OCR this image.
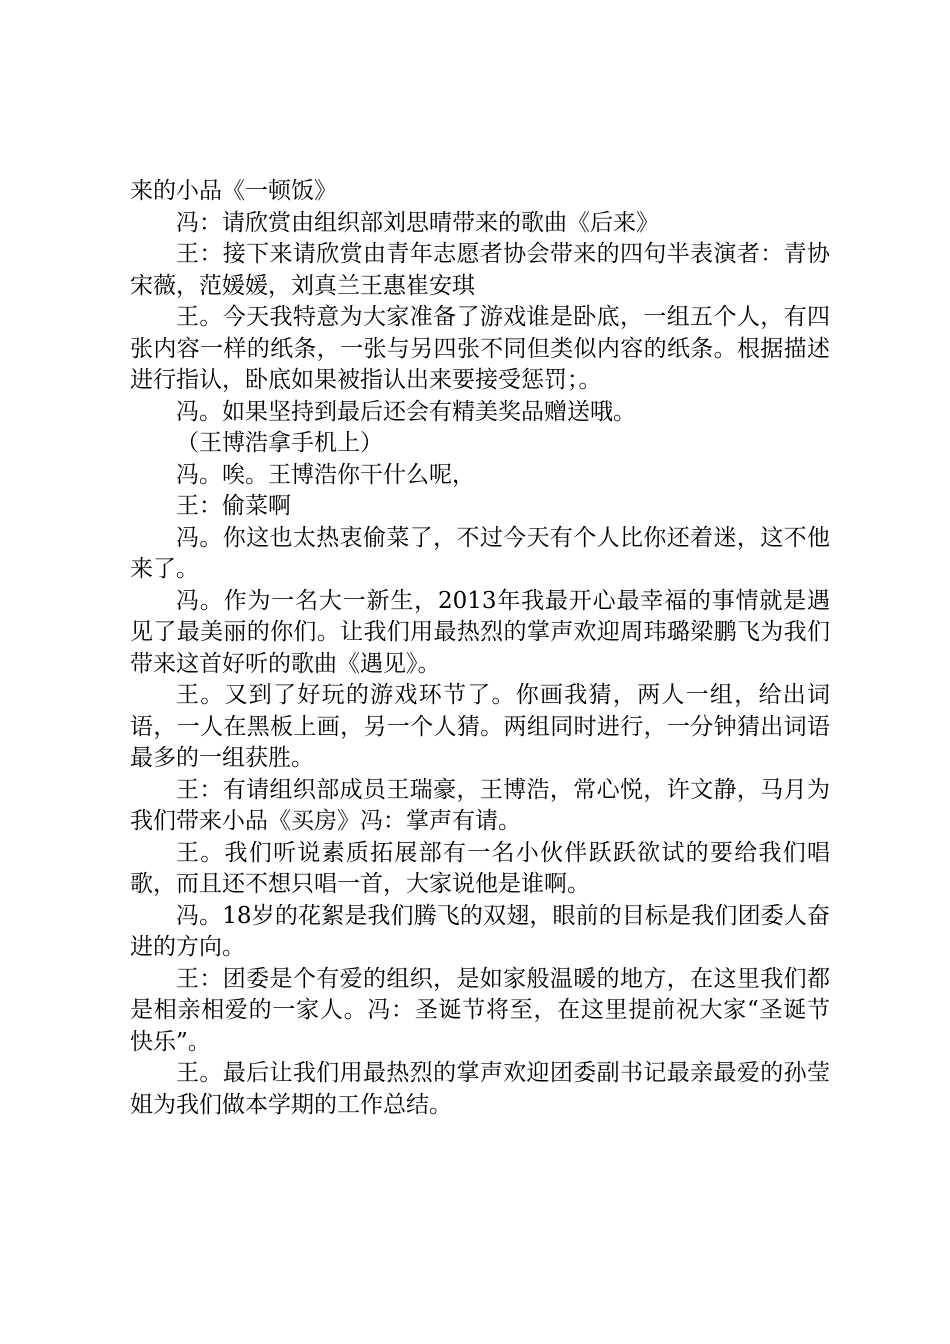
来的小品《一顿饭》

冯：请欣赏由组织部刘思晴带来的歌曲《后来》

王：接下来请欣赏由青年志愿者协会带来的四句半表演者：青协宋薇，范媛媛，刘真兰王惠崔安琪

王。今天我特意为大家准备了游戏谁是卧底，一组五个人，有四张内容一样的纸条，一张与另四张不同但类似内容的纸条。根据描述进行指认，卧底如果被指认出来要接受惩罚；。

冯。如果坚持到最后还会有精美奖品赠送哦。

（王博浩拿手机上）

冯。唉。王博浩你干什么呢，

王：偷菜啊

冯。你这也太热衷偷菜了，不过今天有个人比你还着迷，这不他来了。

冯。作为一名大一新生，2013年我最开心最幸福的事情就是遇见了最美丽的你们。让我们用最热烈的掌声欢迎周玮璐梁鹏飞为我们带来这首好听的歌曲《遇见》。

王。又到了好玩的游戏环节了。你画我猜，两人一组，给出词语，一人在黑板上画，另一个人猜。两组同时进行，一分钟猜出词语最多的一组获胜。

王：有请组织部成员王瑞豪，王博浩，常心悦，许文静，马月为我们带来小品《买房》冯：掌声有请。

王。我们听说素质拓展部有一名小伙伴跃跃欲试的要给我们唱歌，而且还不想只唱一首，大家说他是谁啊。

冯。18岁的花絮是我们腾飞的双翅，眼前的目标是我们团委人奋进的方向。

王：团委是个有爱的组织，是如家般温暖的地方，在这里我们都是相亲相爱的一家人。冯：圣诞节将至，在这里提前祝大家“圣诞节快乐”。

王。最后让我们用最热烈的掌声欢迎团委副书记最亲最爱的孙莹姐为我们做本学期的工作总结。
